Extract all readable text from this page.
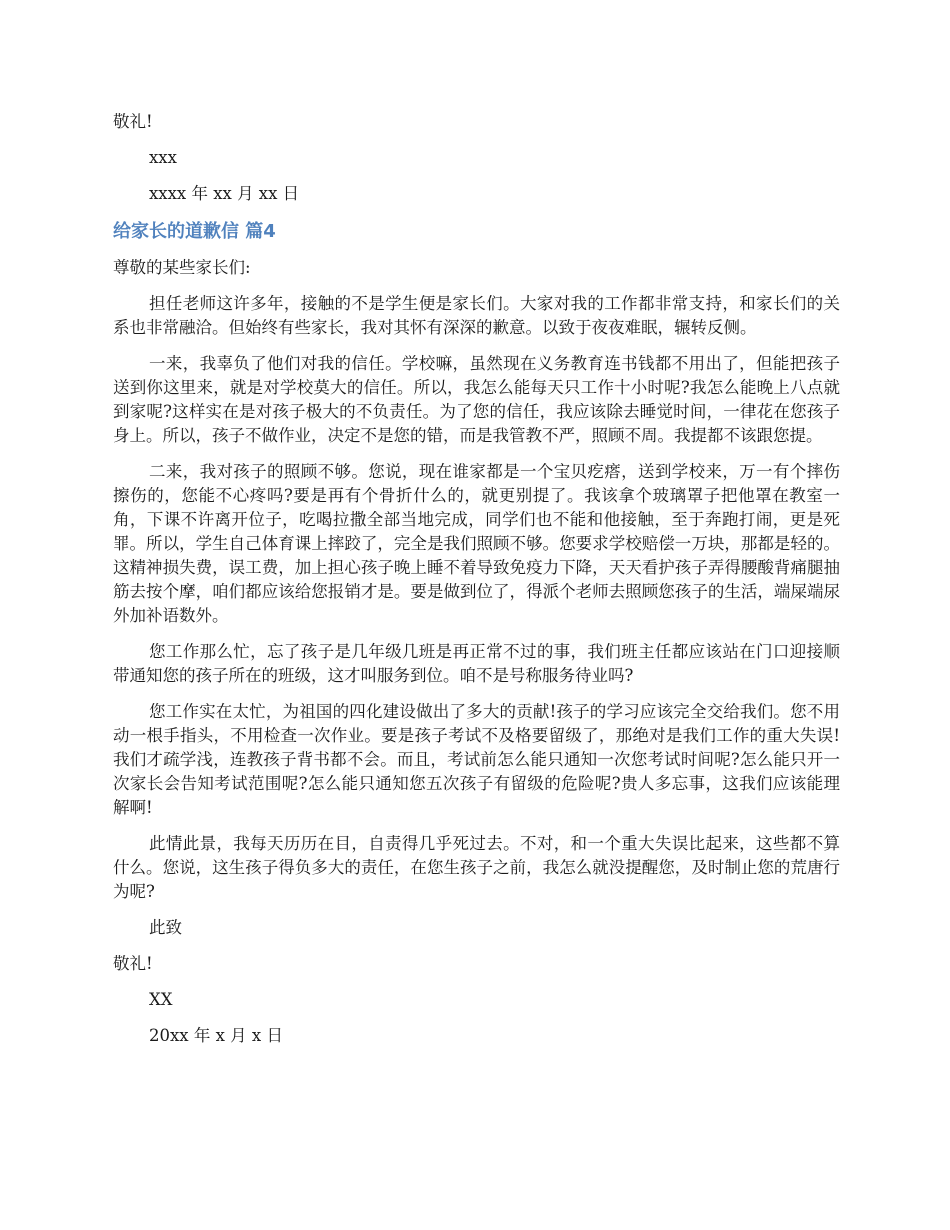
敬礼!
xxx
xxxx 年 xx 月 xx 日
给家长的道歉信 篇4
尊敬的某些家长们:

担任老师这许多年，接触的不是学生便是家长们。大家对我的工作都非常支持，和家长们的关系也非常融洽。但始终有些家长，我对其怀有深深的歉意。以致于夜夜难眠，辗转反侧。

一来，我辜负了他们对我的信任。学校嘛，虽然现在义务教育连书钱都不用出了，但能把孩子送到你这里来，就是对学校莫大的信任。所以，我怎么能每天只工作十小时呢?我怎么能晚上八点就到家呢?这样实在是对孩子极大的不负责任。为了您的信任，我应该除去睡觉时间，一律花在您孩子身上。所以，孩子不做作业，决定不是您的错，而是我管教不严，照顾不周。我提都不该跟您提。

二来，我对孩子的照顾不够。您说，现在谁家都是一个宝贝疙瘩，送到学校来，万一有个摔伤擦伤的，您能不心疼吗?要是再有个骨折什么的，就更别提了。我该拿个玻璃罩子把他罩在教室一角，下课不许离开位子，吃喝拉撒全部当地完成，同学们也不能和他接触，至于奔跑打闹，更是死罪。所以，学生自己体育课上摔跤了，完全是我们照顾不够。您要求学校赔偿一万块，那都是轻的。这精神损失费，误工费，加上担心孩子晚上睡不着导致免疫力下降，天天看护孩子弄得腰酸背痛腿抽筋去按个摩，咱们都应该给您报销才是。要是做到位了，得派个老师去照顾您孩子的生活，端屎端尿外加补语数外。

您工作那么忙，忘了孩子是几年级几班是再正常不过的事，我们班主任都应该站在门口迎接顺带通知您的孩子所在的班级，这才叫服务到位。咱不是号称服务待业吗?

您工作实在太忙，为祖国的四化建设做出了多大的贡献!孩子的学习应该完全交给我们。您不用动一根手指头，不用检查一次作业。要是孩子考试不及格要留级了，那绝对是我们工作的重大失误!我们才疏学浅，连教孩子背书都不会。而且，考试前怎么能只通知一次您考试时间呢?怎么能只开一次家长会告知考试范围呢?怎么能只通知您五次孩子有留级的危险呢?贵人多忘事，这我们应该能理解啊!

此情此景，我每天历历在目，自责得几乎死过去。不对，和一个重大失误比起来，这些都不算什么。您说，这生孩子得负多大的责任，在您生孩子之前，我怎么就没提醒您，及时制止您的荒唐行为呢?

此致
敬礼!
XX
20xx 年 x 月 x 日
